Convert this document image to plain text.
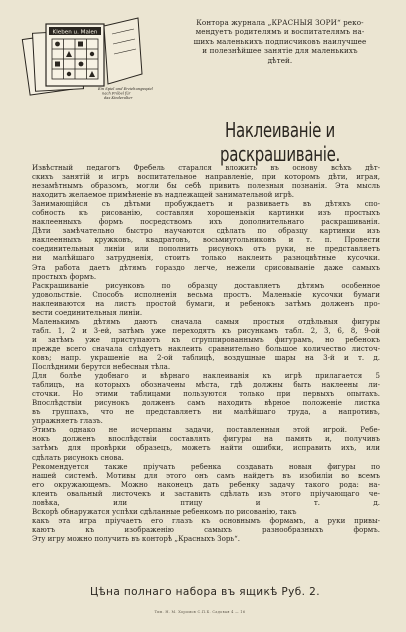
Kleben u. Malen
Ein Spiel und Erziehungsspiel
nach Fröbel für
das Kinderalter
Контора журнала „КРАСНЫЯ ЗОРИ“ реко-
мендуетъ родителямъ и воспитателямъ на-
шихъ маленькихъ подписчиковъ наилучшее
и полезнѣйшее занятіе для маленькихъ
дѣтей.
Наклеиваніе и раскрашиваніе.
Извѣстный педагогъ Фребель старался вложить въ основу всѣхъ дѣт-
скихъ занятій и игръ воспитательное направленіе, при которомъ дѣти, играя,
незамѣтнымъ образомъ, могли бы себѣ привить полезныя познанія. Эта мысль
находитъ желаемое примѣненіе въ надлежащей занимательной игрѣ.
Занимающійся съ дѣтьми пробуждаетъ и развиваетъ въ дѣтяхъ спо-
собность къ рисованію, составляя хорошенькія картинки изъ простыхъ
наклеенныхъ формъ посредствомъ ихъ дополнительнаго раскрашиванія.
Дѣти замѣчательно быстро научаются сдѣлать по образцу картинки изъ
наклеенныхъ кружковъ, квадратовъ, восьмиугольниковъ и т. п. Провести
соединительныя линіи или пополнить рисунокъ отъ руки, не представляетъ
ни малѣйшаго затрудненія, стоитъ только наклеить разноцвѣтные кусочки.
Эта работа даетъ дѣтямъ гораздо легче, нежели срисовываніе даже самыхъ
простыхъ формъ.
Раскрашиваніе рисунковъ по образцу доставляетъ дѣтямъ особенное
удовольствіе. Способъ исполненія весьма простъ. Маленькіе кусочки бумаги
наклеиваются на листъ простой бумаги, и ребенокъ затѣмъ долженъ про-
вести соединительныя линіи.
Маленькимъ дѣтямъ даютъ сначала самыя простыя отдѣльныя фигуры
табл. 1, 2 и 3-ей, затѣмъ уже переходятъ къ рисункамъ табл. 2, 3, 6, 8, 9-ой
и затѣмъ уже приступаютъ къ сгруппированнымъ фигурамъ, но ребенокъ
прежде всего сначала слѣдуетъ наклеить сравнительно большое количество листоч-
ковъ; напр. украшеніе на 2-ой таблицѣ, воздушные шары на 3-й и т. д.
Послѣдними берутся небесныя тѣла.
Для болѣе удобнаго и вѣрнаго наклеиванія къ игрѣ прилагается 5
таблицъ, на которыхъ обозначены мѣста, гдѣ должны быть наклеены ли-
сточки. Но этими таблицами пользуются только при первыхъ опытахъ.
Впослѣдствіи рисунокъ долженъ самъ находить вѣрное положеніе листка
въ группахъ, что не представляетъ ни малѣйшаго труда, а напротивъ,
упражняетъ глазъ.
Этимъ однако не исчерпаны задачи, поставленныя этой игрой. Ребе-
нокъ долженъ впослѣдствіи составлять фигуры на память и, получивъ
затѣмъ для провѣрки образецъ, можетъ найти ошибки, исправить ихъ, или
сдѣлать рисунокъ снова.
Рекомендуется также пріучать ребенка создавать новыя фигуры по
нашей системѣ. Мотивы для этого онъ самъ найдетъ въ изобиліи во всемъ
его окружающемъ. Можно наконецъ дать ребенку задачу такого рода: на-
клеить овальный листочекъ и заставить сдѣлать изъ этого пріучающаго че-
ловѣка, или птицу и т. д.
Вскорѣ обнаружатся успѣхи сдѣланные ребенкомъ по рисованію, такъ
какъ эта игра пріучаетъ его глазъ къ основнымъ формамъ, а руки привы-
каютъ къ изображенію самыхъ разнообразныхъ формъ.
Эту игру можно получить въ конторѣ „Красныхъ Зорь“.
Цѣна полнаго набора въ ящикѣ Руб. 2.
Тип. Н. М. Хоромов С.П.Б. Садовая 4 — 16
